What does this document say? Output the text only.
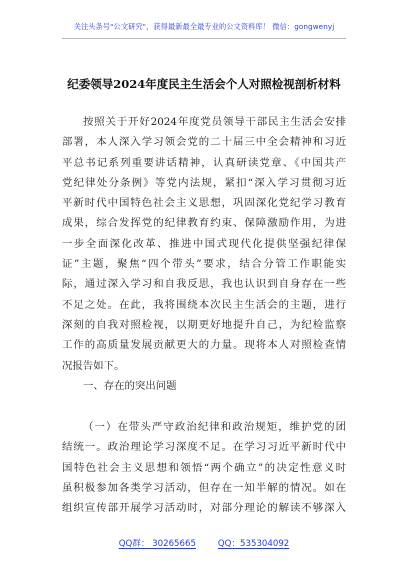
关注头条号"公文研究"，获得最新最全最专业的公文资料库！ 微信：gongwenyj
纪委领导2024年度民主生活会个人对照检视剖析材料
按照关于开好2024年度党员领导干部民主生活会安排
部署，本人深入学习领会党的二十届三中全会精神和习近
平总书记系列重要讲话精神，认真研读党章、《中国共产
党纪律处分条例》等党内法规，紧扣“深入学习贯彻习近
平新时代中国特色社会主义思想，巩固深化党纪学习教育
成果，综合发挥党的纪律教育约束、保障激励作用，为进
一步全面深化改革、推进中国式现代化提供坚强纪律保
证”主题，聚焦“四个带头”要求，结合分管工作职能实
际，通过深入学习和自我反思，我也认识到自身存在一些
不足之处。在此，我将围绕本次民主生活会的主题，进行
深刻的自我对照检视，以期更好地提升自己，为纪检监察
工作的高质量发展贡献更大的力量。现将本人对照检查情
况报告如下。
一、存在的突出问题
（一）在带头严守政治纪律和政治规矩，维护党的团
结统一。政治理论学习深度不足。在学习习近平新时代中
国特色社会主义思想和领悟“两个确立”的决定性意义时
虽积极参加各类学习活动，但存在一知半解的情况。如在
组织宣传部开展学习活动时，对部分理论的解读不够深入
QQ群： 30265665	QQ：535304092
